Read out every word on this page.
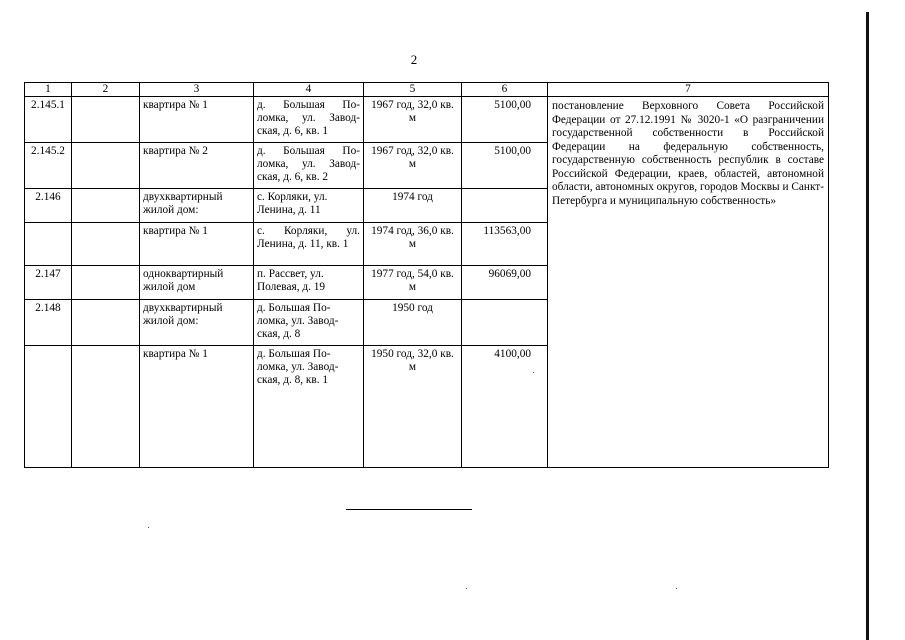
2
1	2	3	4	5	6	7
2.145.1		квартира № 1	д. Большая По-ломка, ул. Завод-ская, д. 6, кв. 1	1967 год, 32,0 кв. м	5100,00	постановление Верховного Совета Российской Федерации от 27.12.1991 № 3020-1 «О разграничении государственной собственности в Российской Федерации на федеральную собственность, государственную собственность республик в составе Российской Федерации, краев, областей, автономной области, автономных округов, городов Москвы и Санкт-Петербурга и муниципальную собственность»
2.145.2		квартира № 2	д. Большая По-ломка, ул. Завод-ская, д. 6, кв. 2	1967 год, 32,0 кв. м	5100,00	
2.146		двухквартирный жилой дом:	с. Корляки, ул. Ленина, д. 11	1974 год		
		квартира № 1	с. Корляки, ул. Ленина, д. 11, кв. 1	1974 год, 36,0 кв. м	113563,00	
2.147		одноквартирный жилой дом	п. Рассвет, ул. Полевая, д. 19	1977 год, 54,0 кв. м	96069,00	
2.148		двухквартирный жилой дом:	д. Большая По-ломка, ул. Завод-ская, д. 8	1950 год		
		квартира № 1	д. Большая По-ломка, ул. Завод-ская, д. 8, кв. 1	1950 год, 32,0 кв. м	4100,00	
